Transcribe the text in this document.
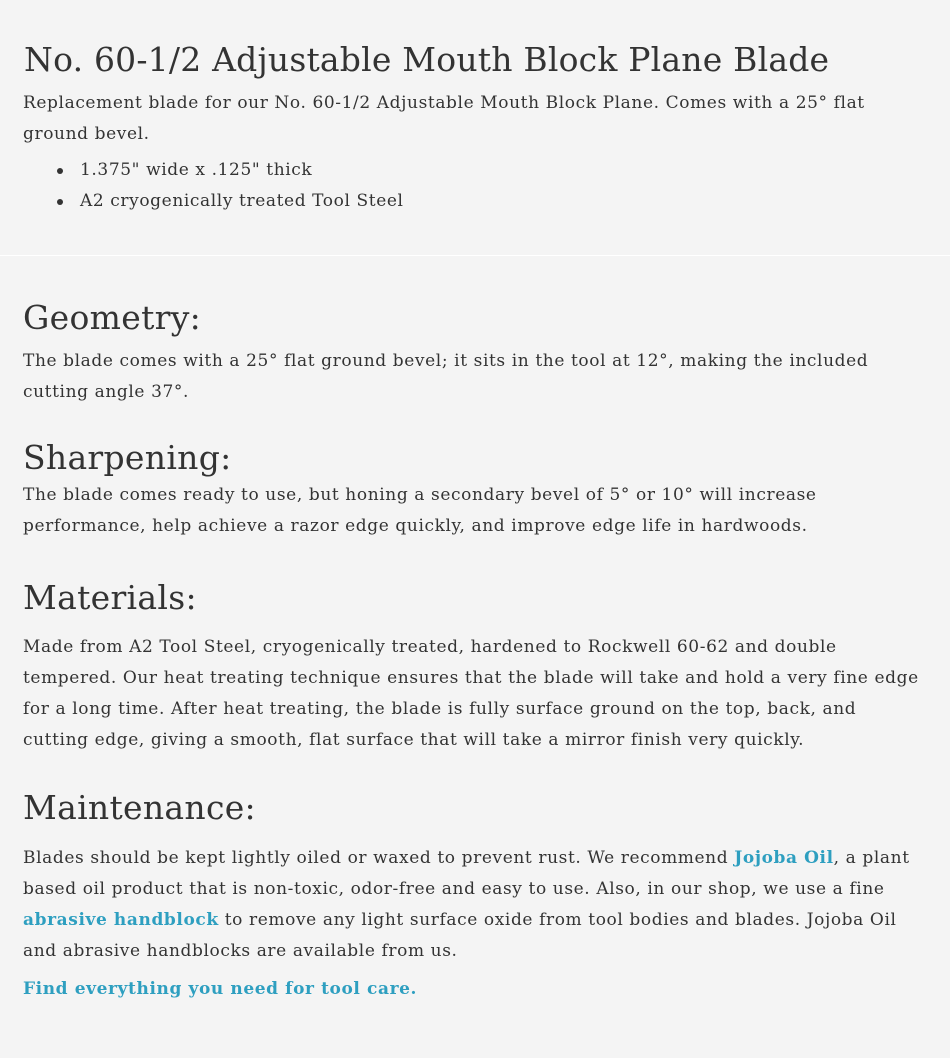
No. 60-1/2 Adjustable Mouth Block Plane Blade

Replacement blade for our No. 60-1/2 Adjustable Mouth Block Plane. Comes with a 25° flat ground bevel.

1.375" wide x .125" thick
A2 cryogenically treated Tool Steel
Geometry:

The blade comes with a 25° flat ground bevel; it sits in the tool at 12°, making the included cutting angle 37°.

Sharpening:

The blade comes ready to use, but honing a secondary bevel of 5° or 10° will increase performance, help achieve a razor edge quickly, and improve edge life in hardwoods.

Materials:

Made from A2 Tool Steel, cryogenically treated, hardened to Rockwell 60-62 and double tempered. Our heat treating technique ensures that the blade will take and hold a very fine edge for a long time. After heat treating, the blade is fully surface ground on the top, back, and cutting edge, giving a smooth, flat surface that will take a mirror finish very quickly.

Maintenance:

Blades should be kept lightly oiled or waxed to prevent rust. We recommend Jojoba Oil, a plant based oil product that is non-toxic, odor-free and easy to use. Also, in our shop, we use a fine abrasive handblock to remove any light surface oxide from tool bodies and blades. Jojoba Oil and abrasive handblocks are available from us.

Find everything you need for tool care.
